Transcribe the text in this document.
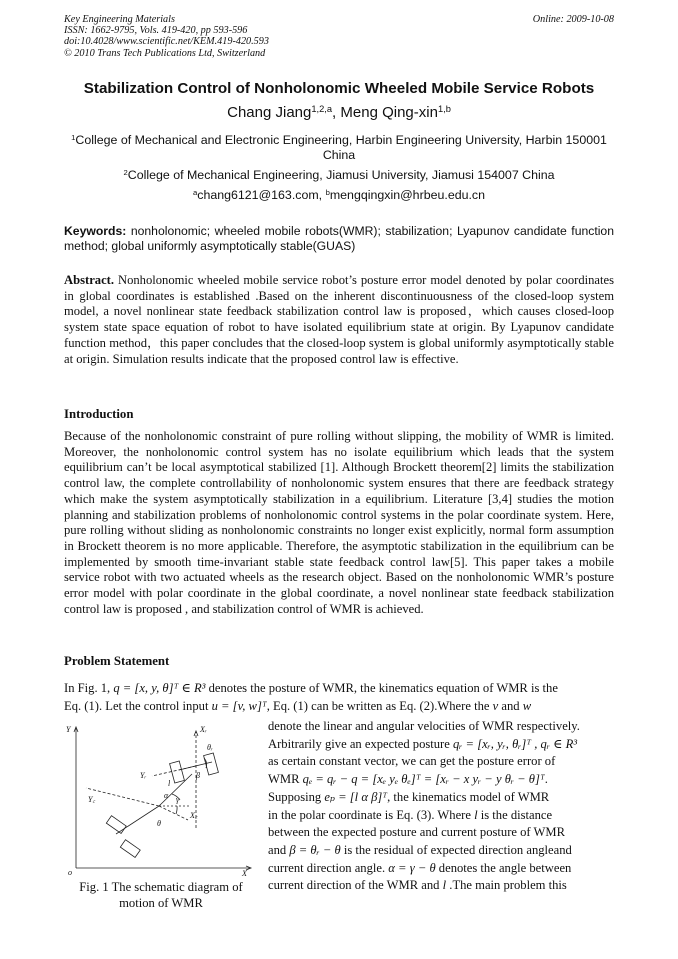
Key Engineering Materials
ISSN: 1662-9795, Vols. 419-420, pp 593-596
doi:10.4028/www.scientific.net/KEM.419-420.593
© 2010 Trans Tech Publications Ltd, Switzerland
Online: 2009-10-08
Stabilization Control of Nonholonomic Wheeled Mobile Service Robots
Chang Jiang$^{1,2,a}$, Meng Qing-xin$^{1,b}$
$^1$College of Mechanical and Electronic Engineering, Harbin Engineering University, Harbin 150001 China
$^2$College of Mechanical Engineering, Jiamusi University, Jiamusi 154007 China
$^a$chang6121@163.com, $^b$mengqingxin@hrbeu.edu.cn
Keywords: nonholonomic; wheeled mobile robots(WMR); stabilization; Lyapunov candidate function method; global uniformly asymptotically stable(GUAS)
Abstract. Nonholonomic wheeled mobile service robot’s posture error model denoted by polar coordinates in global coordinates is established .Based on the inherent discontinuousness of the closed-loop system model, a novel nonlinear state feedback stabilization control law is proposed，which causes closed-loop system state space equation of robot to have isolated equilibrium state at origin. By Lyapunov candidate function method，this paper concludes that the closed-loop system is global uniformly asymptotically stable at origin. Simulation results indicate that the proposed control law is effective.
Introduction
Because of the nonholonomic constraint of pure rolling without slipping, the mobility of WMR is limited. Moreover, the nonholonomic control system has no isolate equilibrium which leads that the system equilibrium can’t be local asymptotical stabilized [1]. Although Brockett theorem[2] limits the stabilization control law, the complete controllability of nonholonomic system ensures that there are feedback strategy which make the system asymptotically stabilization in a equilibrium. Literature [3,4] studies the motion planning and stabilization problems of nonholonomic control systems in the polar coordinate system. Here, pure rolling without sliding as nonholonomic constraints no longer exist explicitly, normal form assumption in Brockett theorem is no more applicable. Therefore, the asymptotic stabilization in the equilibrium can be implemented by smooth time-invariant stable state feedback control law[5]. This paper takes a mobile service robot with two actuated wheels as the research object. Based on the nonholonomic WMR’s posture error model with polar coordinate in the global coordinate, a novel nonlinear state feedback stabilization control law is proposed , and stabilization control of WMR is achieved.
Problem Statement
In Fig. 1, q = [x, y, θ]ᵀ ∈ R³ denotes the posture of WMR, the kinematics equation of WMR is the
Eq. (1). Let the control input u = [v, w]ᵀ, Eq. (1) can be written as Eq. (2).Where the v and w
denote the linear and angular velocities of WMR respectively.
Arbitrarily give an expected posture qᵣ = [xᵣ, yᵣ, θᵣ]ᵀ , qᵣ ∈ R³
as certain constant vector, we can get the posture error of
WMR qₑ = qᵣ − q = [xₑ yₑ θₑ]ᵀ = [xᵣ − x yᵣ − y θᵣ − θ]ᵀ.
Supposing eₚ = [l α β]ᵀ, the kinematics model of WMR
in the polar coordinate is Eq. (3). Where l is the distance
between the expected posture and current posture of WMR
and β = θᵣ − θ is the residual of expected direction angleand
current direction angle. α = γ − θ denotes the angle between
current direction of the WMR and l .The main problem this
Y
X
o
Xᵣ
Yᵣ
X꜀
Y꜀
θᵣ
θ
β
α γ
l
Fig. 1 The schematic diagram of motion of WMR
